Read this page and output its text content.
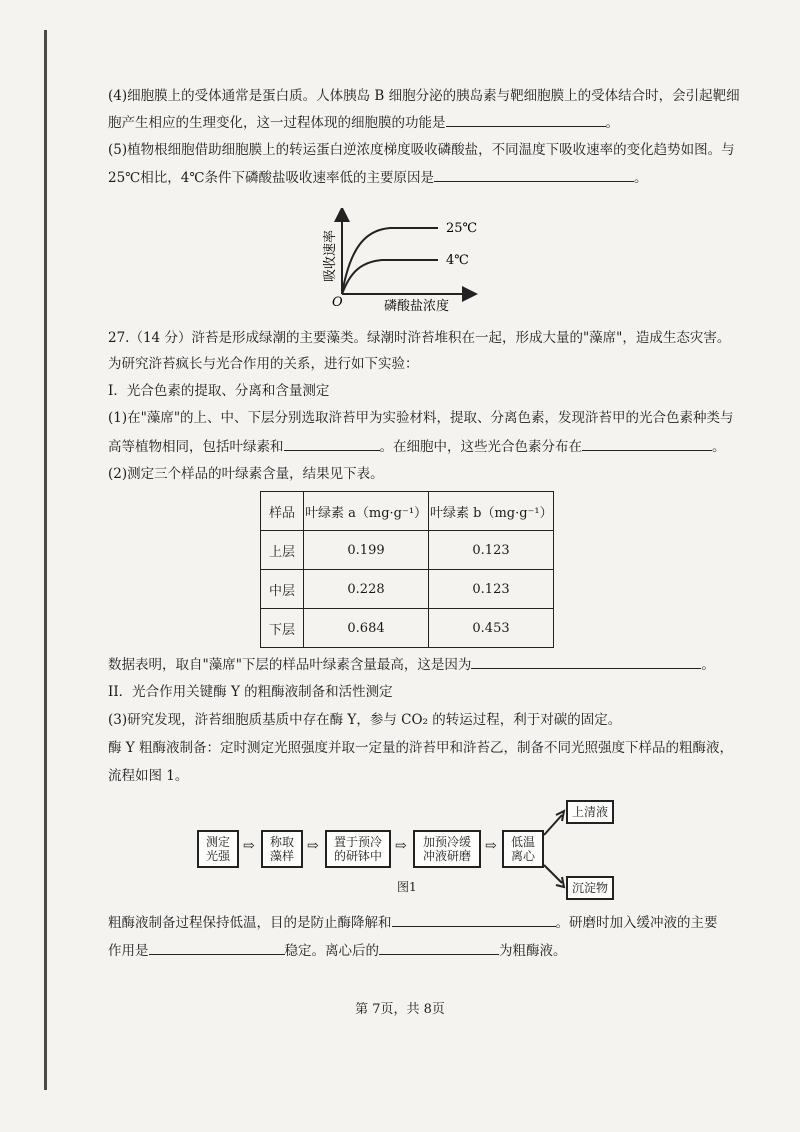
(4)细胞膜上的受体通常是蛋白质。人体胰岛 B 细胞分泌的胰岛素与靶细胞膜上的受体结合时，会引起靶细
胞产生相应的生理变化，这一过程体现的细胞膜的功能是	。
(5)植物根细胞借助细胞膜上的转运蛋白逆浓度梯度吸收磷酸盐，不同温度下吸收速率的变化趋势如图。与
25℃相比，4℃条件下磷酸盐吸收速率低的主要原因是	。
25℃
4℃
O	磷酸盐浓度
吸收速率
27.（14 分）浒苔是形成绿潮的主要藻类。绿潮时浒苔堆积在一起，形成大量的"藻席"，造成生态灾害。
为研究浒苔疯长与光合作用的关系，进行如下实验：
I．光合色素的提取、分离和含量测定
(1)在"藻席"的上、中、下层分别选取浒苔甲为实验材料，提取、分离色素，发现浒苔甲的光合色素种类与
高等植物相同，包括叶绿素和	。在细胞中，这些光合色素分布在	。
(2)测定三个样品的叶绿素含量，结果见下表。
样品	叶绿素 a（mg·g⁻¹）	叶绿素 b（mg·g⁻¹）
上层	0.199	0.123
中层	0.228	0.123
下层	0.684	0.453
数据表明，取自"藻席"下层的样品叶绿素含量最高，这是因为	。
II．光合作用关键酶 Y 的粗酶液制备和活性测定
(3)研究发现，浒苔细胞质基质中存在酶 Y，参与 CO₂ 的转运过程，利于对碳的固定。
酶 Y 粗酶液制备：定时测定光照强度并取一定量的浒苔甲和浒苔乙，制备不同光照强度下样品的粗酶液，
流程如图 1。
测定
光强
⇨	称取
藻样
⇨	置于预冷
的研钵中
⇨	加预冷缓
冲液研磨
⇨	低温
离心
上清液
沉淀物
图1
粗酶液制备过程保持低温，目的是防止酶降解和	。研磨时加入缓冲液的主要
作用是	稳定。离心后的	为粗酶液。
第 7页，共 8页
